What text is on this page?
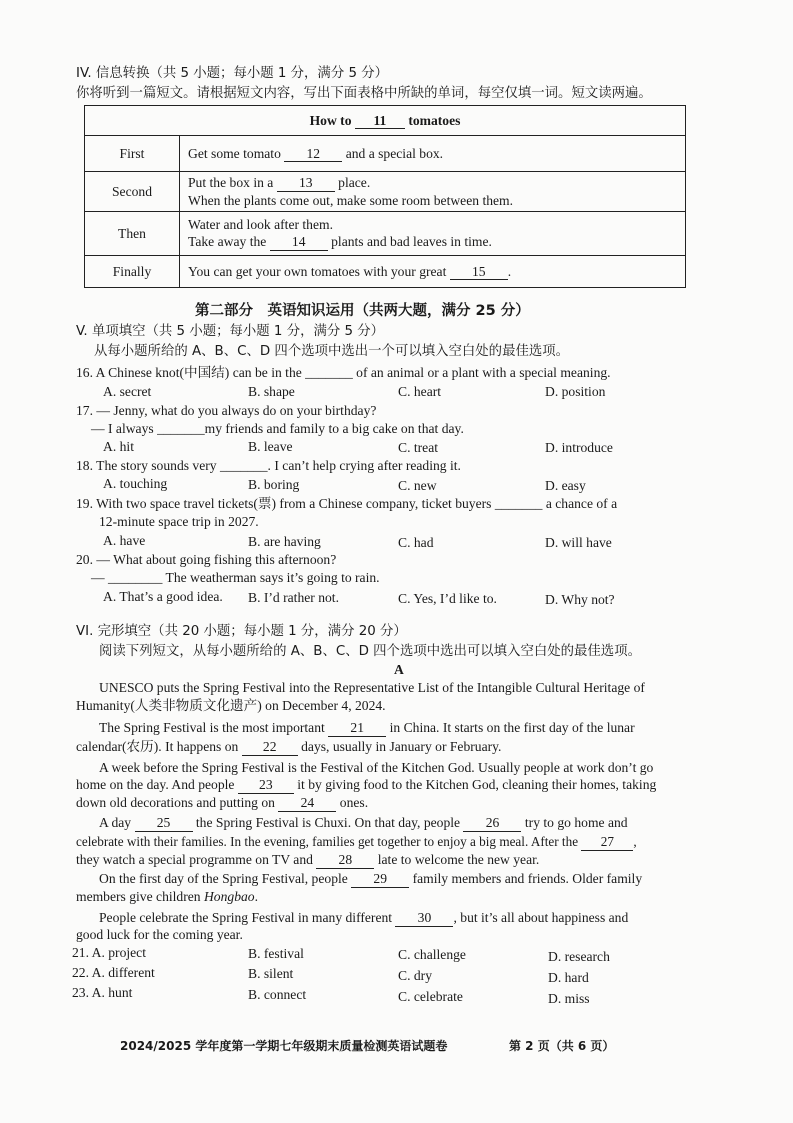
IV. 信息转换（共 5 小题；每小题 1 分，满分 5 分）
你将听到一篇短文。请根据短文内容，写出下面表格中所缺的单词，每空仅填一词。短文读两遍。
How to 11 tomatoes	
First	Get some tomato 12 and a special box.
Second	Put the box in a 13 place.
When the plants come out, make some room between them.

Then	Water and look after them.
Take away the 14 plants and bad leaves in time.

Finally	You can get your own tomatoes with your great 15 .
第二部分　英语知识运用（共两大题，满分 25 分）
V. 单项填空（共 5 小题；每小题 1 分，满分 5 分）
从每小题所给的 A、B、C、D 四个选项中选出一个可以填入空白处的最佳选项。
16. A Chinese knot(中国结) can be in the _______ of an animal or a plant with a special meaning.
A. secret	B. shape	C. heart	D. position
17. — Jenny, what do you always do on your birthday?
— I always _______my friends and family to a big cake on that day.
A. hit	B. leave	C. treat	D. introduce
18. The story sounds very _______. I can’t help crying after reading it.
A. touching	B. boring	C. new	D. easy
19. With two space travel tickets(票) from a Chinese company, ticket buyers _______ a chance of a
12-minute space trip in 2027.
A. have	B. are having	C. had	D. will have
20. — What about going fishing this afternoon?
— ________ The weatherman says it’s going to rain.
A. That’s a good idea. B. I’d rather not.	C. Yes, I’d like to.	D. Why not?
VI. 完形填空（共 20 小题；每小题 1 分，满分 20 分）
阅读下列短文，从每小题所给的 A、B、C、D 四个选项中选出可以填入空白处的最佳选项。
A
UNESCO puts the Spring Festival into the Representative List of the Intangible Cultural Heritage of
Humanity(人类非物质文化遗产) on December 4, 2024.
The Spring Festival is the most important 21 in China. It starts on the first day of the lunar
calendar(农历). It happens on 22 days, usually in January or February.
A week before the Spring Festival is the Festival of the Kitchen God. Usually people at work don’t go
home on the day. And people 23 it by giving food to the Kitchen God, cleaning their homes, taking
down old decorations and putting on 24 ones.
A day 25 the Spring Festival is Chuxi. On that day, people 26 try to go home and
celebrate with their families. In the evening, families get together to enjoy a big meal. After the 27 ,
they watch a special programme on TV and 28 late to welcome the new year.
On the first day of the Spring Festival, people 29 family members and friends. Older family
members give children Hongbao.
People celebrate the Spring Festival in many different 30 , but it’s all about happiness and
good luck for the coming year.
21. A. project	B. festival	C. challenge	D. research
22. A. different	B. silent	C. dry	D. hard
23. A. hunt	B. connect	C. celebrate	D. miss
2024/2025 学年度第一学期七年级期末质量检测英语试题卷	第 2 页（共 6 页）
